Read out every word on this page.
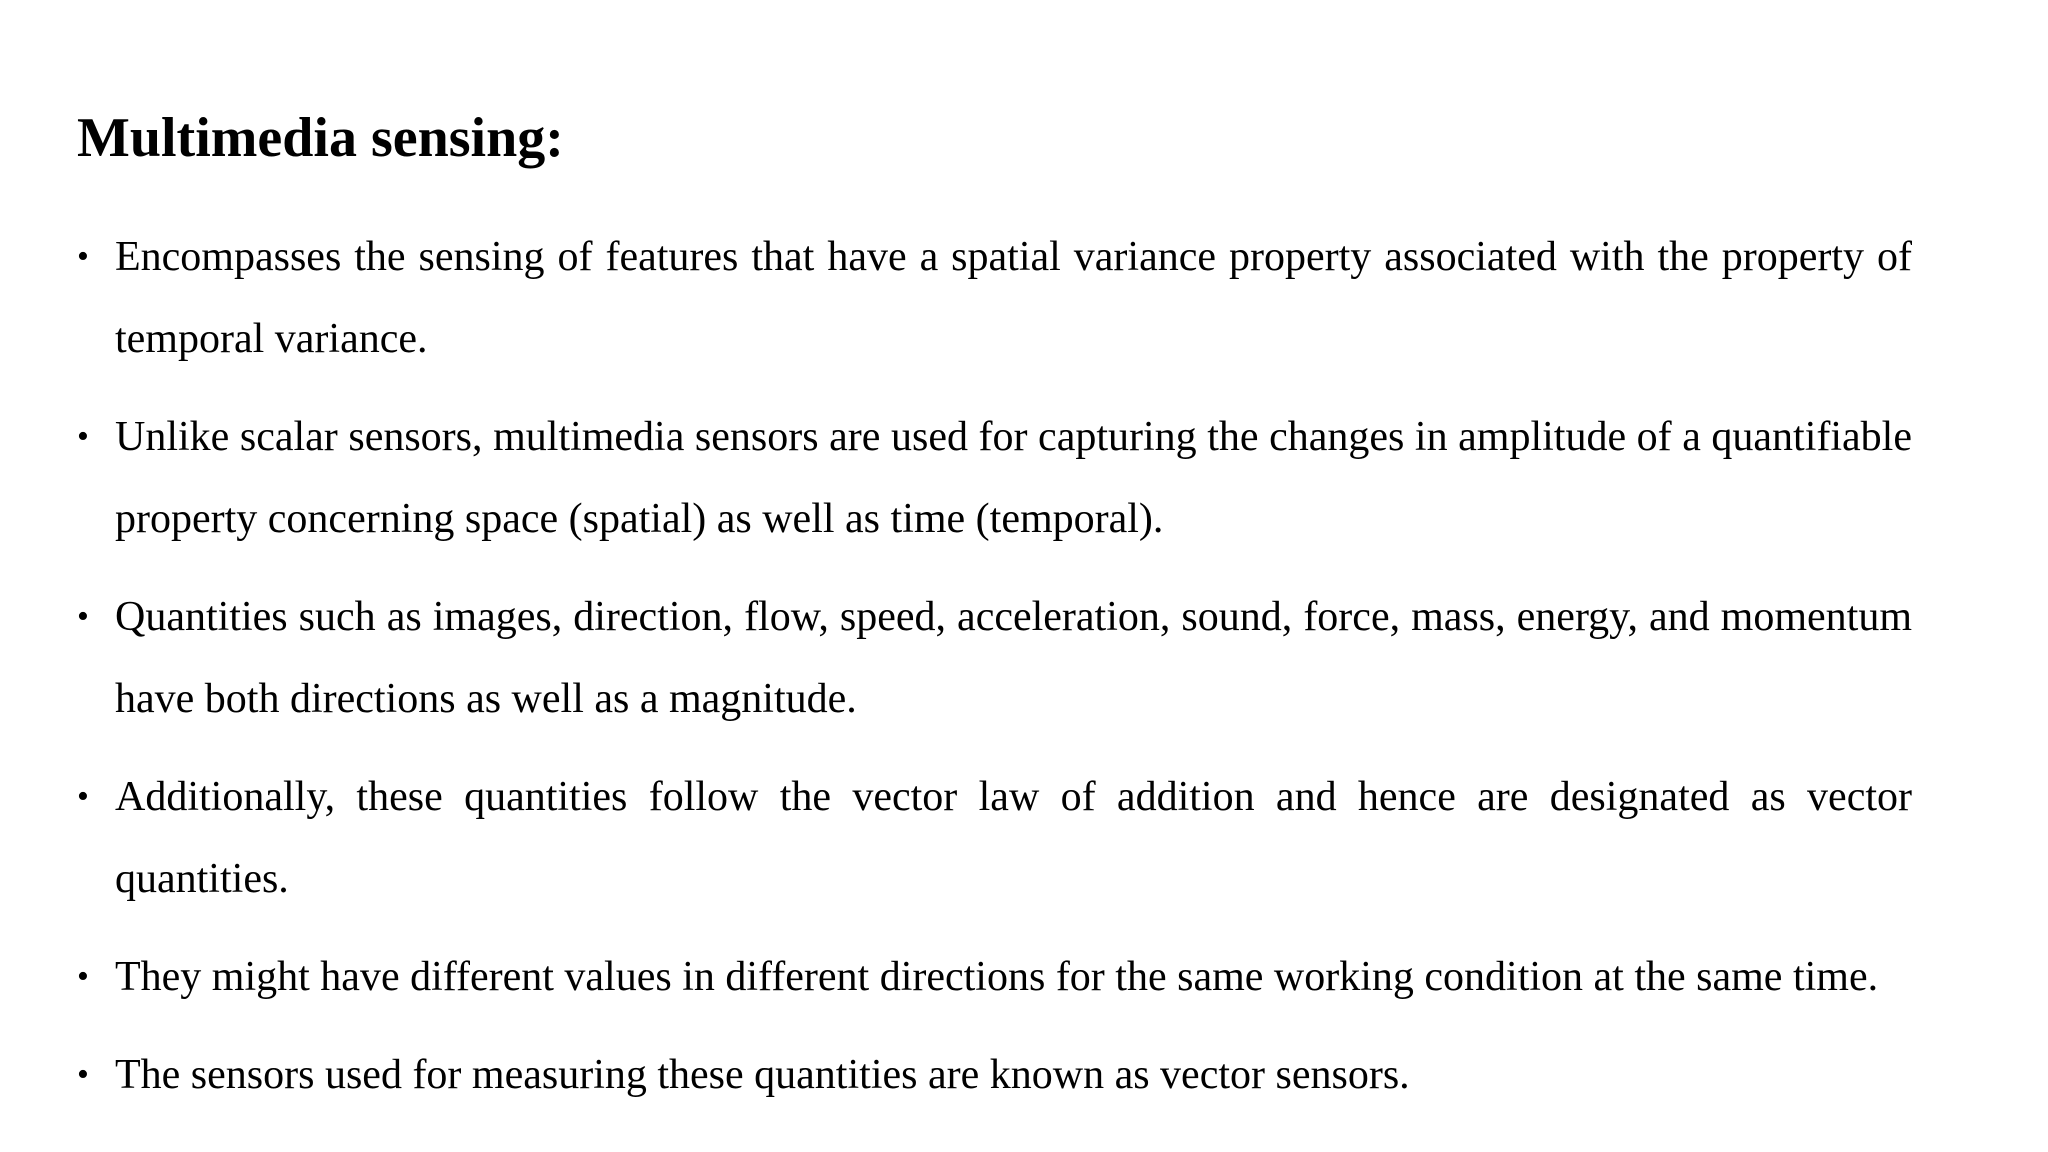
Multimedia sensing:
• Encompasses the sensing of features that have a spatial variance property associated with the property of temporal variance.
• Unlike scalar sensors, multimedia sensors are used for capturing the changes in amplitude of a quantifiable property concerning space (spatial) as well as time (temporal).
• Quantities such as images, direction, flow, speed, acceleration, sound, force, mass, energy, and momentum have both directions as well as a magnitude.
• Additionally, these quantities follow the vector law of addition and hence are designated as vector quantities.
• They might have different values in different directions for the same working condition at the same time.
• The sensors used for measuring these quantities are known as vector sensors.
